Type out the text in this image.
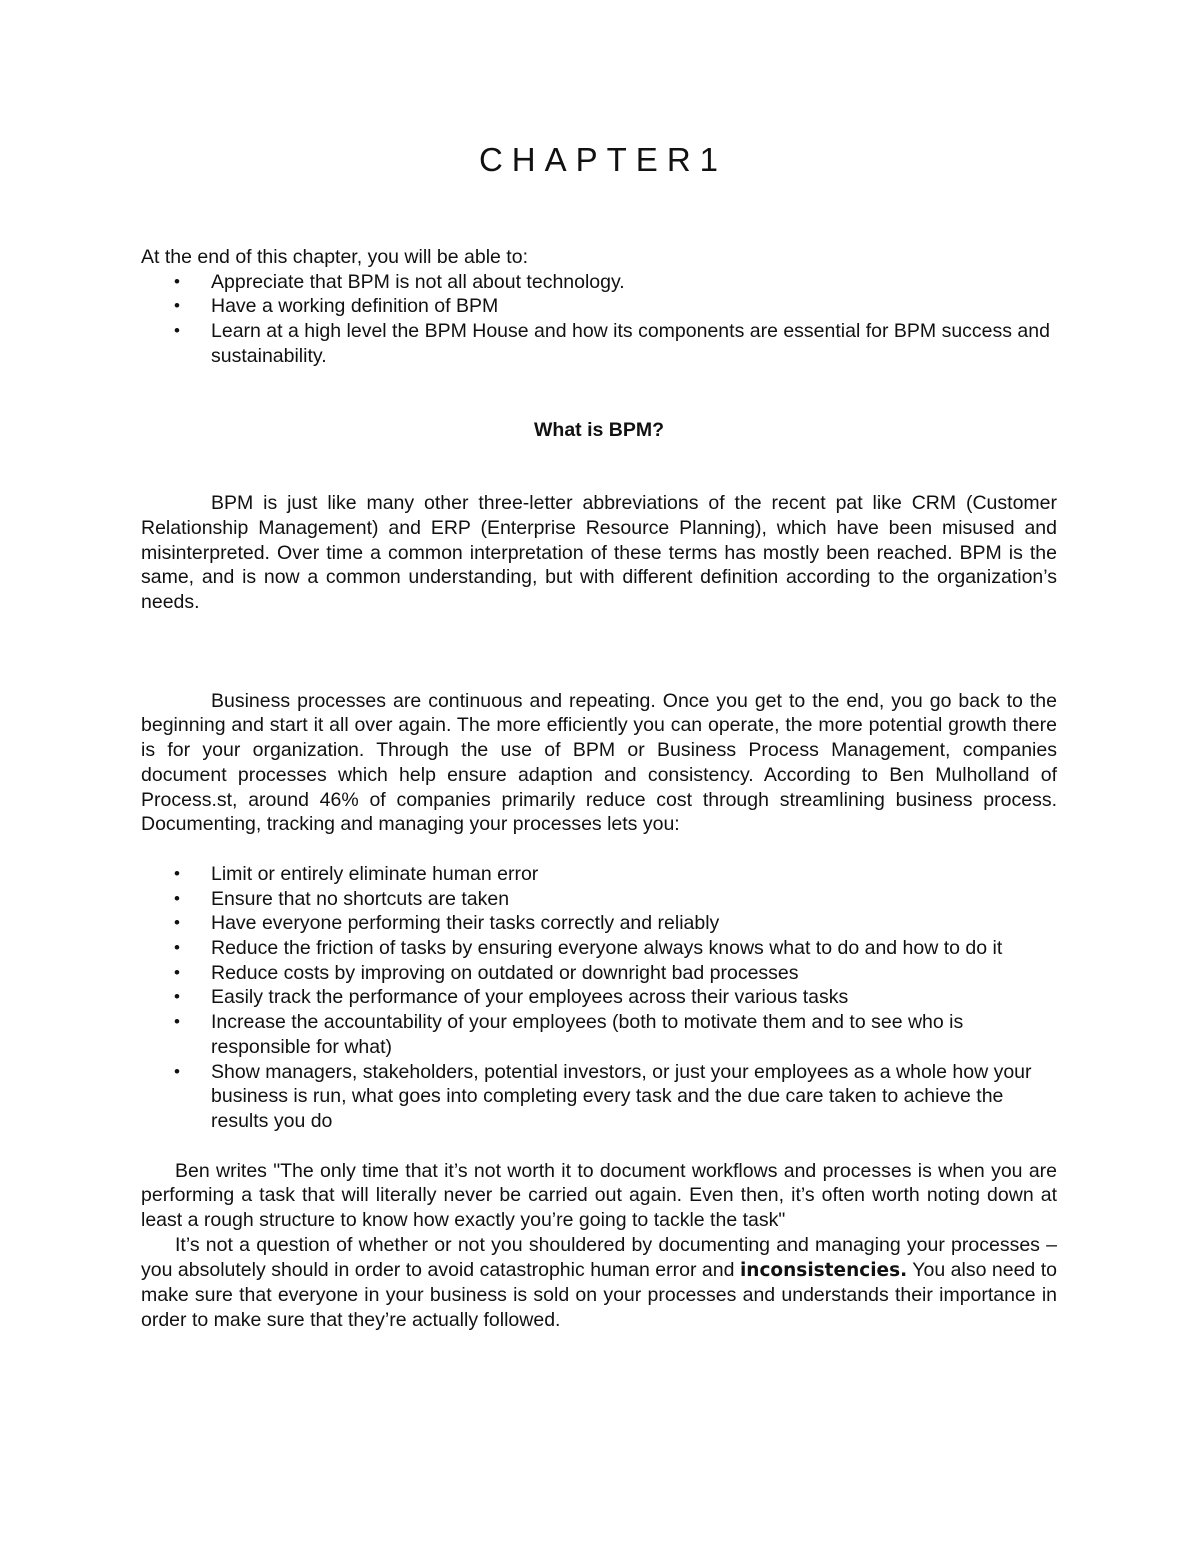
CHAPTER1

At the end of this chapter, you will be able to:

• Appreciate that BPM is not all about technology.
• Have a working definition of BPM
• Learn at a high level the BPM House and how its components are essential for BPM success and sustainability.
What is BPM?

BPM is just like many other three-letter abbreviations of the recent pat like CRM (Customer Relationship Management) and ERP (Enterprise Resource Planning), which have been misused and misinterpreted. Over time a common interpretation of these terms has mostly been reached. BPM is the same, and is now a common understanding, but with different definition according to the organization’s needs.

Business processes are continuous and repeating. Once you get to the end, you go back to the beginning and start it all over again. The more efficiently you can operate, the more potential growth there is for your organization. Through the use of BPM or Business Process Management, companies document processes which help ensure adaption and consistency. According to Ben Mulholland of Process.st, around 46% of companies primarily reduce cost through streamlining business process. Documenting, tracking and managing your processes lets you:

• Limit or entirely eliminate human error
• Ensure that no shortcuts are taken
• Have everyone performing their tasks correctly and reliably
• Reduce the friction of tasks by ensuring everyone always knows what to do and how to do it
• Reduce costs by improving on outdated or downright bad processes
• Easily track the performance of your employees across their various tasks
• Increase the accountability of your employees (both to motivate them and to see who is responsible for what)
• Show managers, stakeholders, potential investors, or just your employees as a whole how your business is run, what goes into completing every task and the due care taken to achieve the results you do

Ben writes "The only time that it’s not worth it to document workflows and processes is when you are performing a task that will literally never be carried out again. Even then, it’s often worth noting down at least a rough structure to know how exactly you’re going to tackle the task"

It’s not a question of whether or not you shouldered by documenting and managing your processes – you absolutely should in order to avoid catastrophic human error and inconsistencies. You also need to make sure that everyone in your business is sold on your processes and understands their importance in order to make sure that they’re actually followed.
